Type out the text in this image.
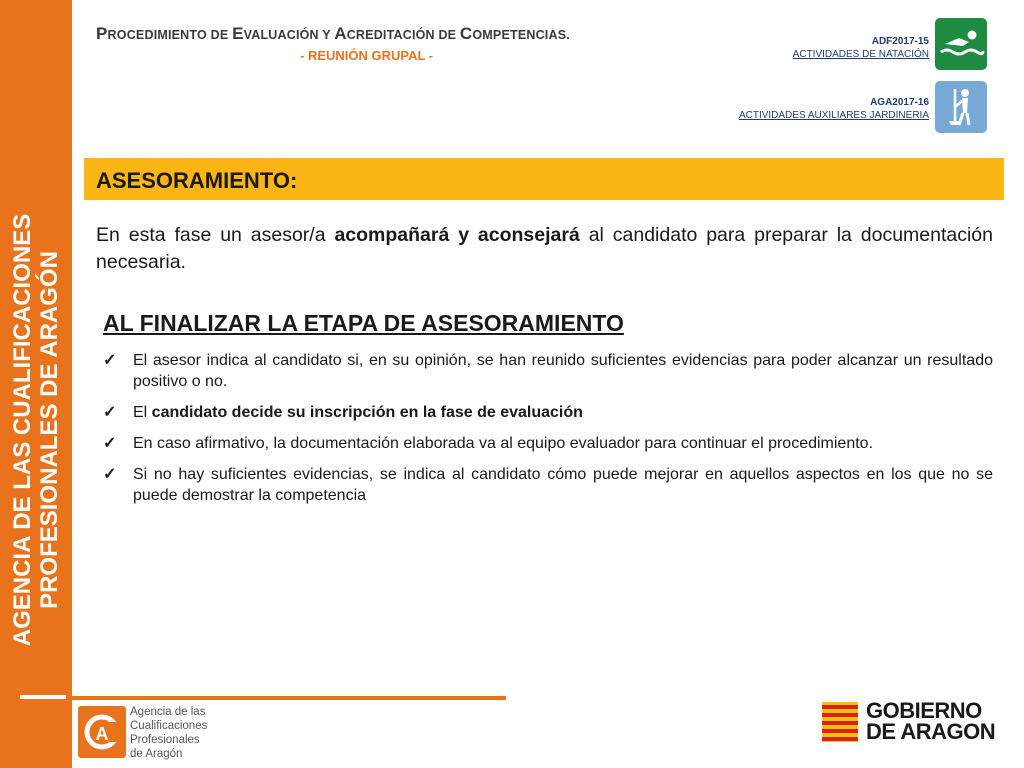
AGENCIA DE LAS CUALIFICACIONES PROFESIONALES DE ARAGÓN
PROCEDIMIENTO DE EVALUACIÓN Y ACREDITACIÓN DE COMPETENCIAS.
- REUNIÓN GRUPAL -
ADF2017-15
ACTIVIDADES DE NATACIÓN
AGA2017-16
ACTIVIDADES AUXILIARES JARDINERIA
ASESORAMIENTO:
En esta fase un asesor/a acompañará y aconsejará al candidato para preparar la documentación necesaria.
AL FINALIZAR LA ETAPA DE ASESORAMIENTO
✓ El asesor indica al candidato si, en su opinión, se han reunido suficientes evidencias para poder alcanzar un resultado positivo o no.
✓ El candidato decide su inscripción en la fase de evaluación
✓ En caso afirmativo, la documentación elaborada va al equipo evaluador para continuar el procedimiento.
✓ Si no hay suficientes evidencias, se indica al candidato cómo puede mejorar en aquellos aspectos en los que no se puede demostrar la competencia
A
Agencia de las
Cualificaciones
Profesionales
de Aragón
GOBIERNO
DE ARAGON
